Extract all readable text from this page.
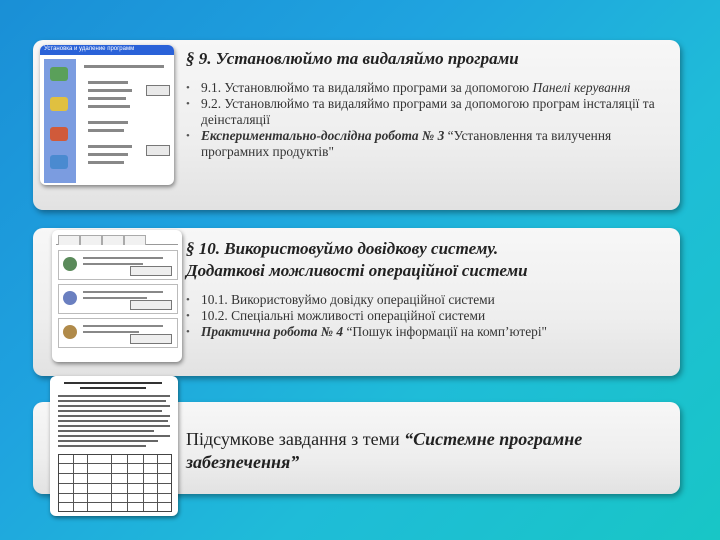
Установка и удаление программ	§ 9. Установлюймо та видаляймо програми
• 9.1. Установлюймо та видаляймо програми за допомогою Панелі керування
• 9.2. Установлюймо та видаляймо програми за допомогою програм інсталяції та деінсталяції
• Експериментально-дослідна робота № 3 “Установлення та вилучення програмних продуктів"
§ 10. Використовуймо довідкову систему.
Додаткові можливості операційної системи
• 10.1. Використовуймо довідку операційної системи
• 10.2. Спеціальні можливості операційної системи
• Практична робота № 4 “Пошук інформації на комп’ютері"
Підсумкове завдання з теми “Системне програмне забезпечення”
